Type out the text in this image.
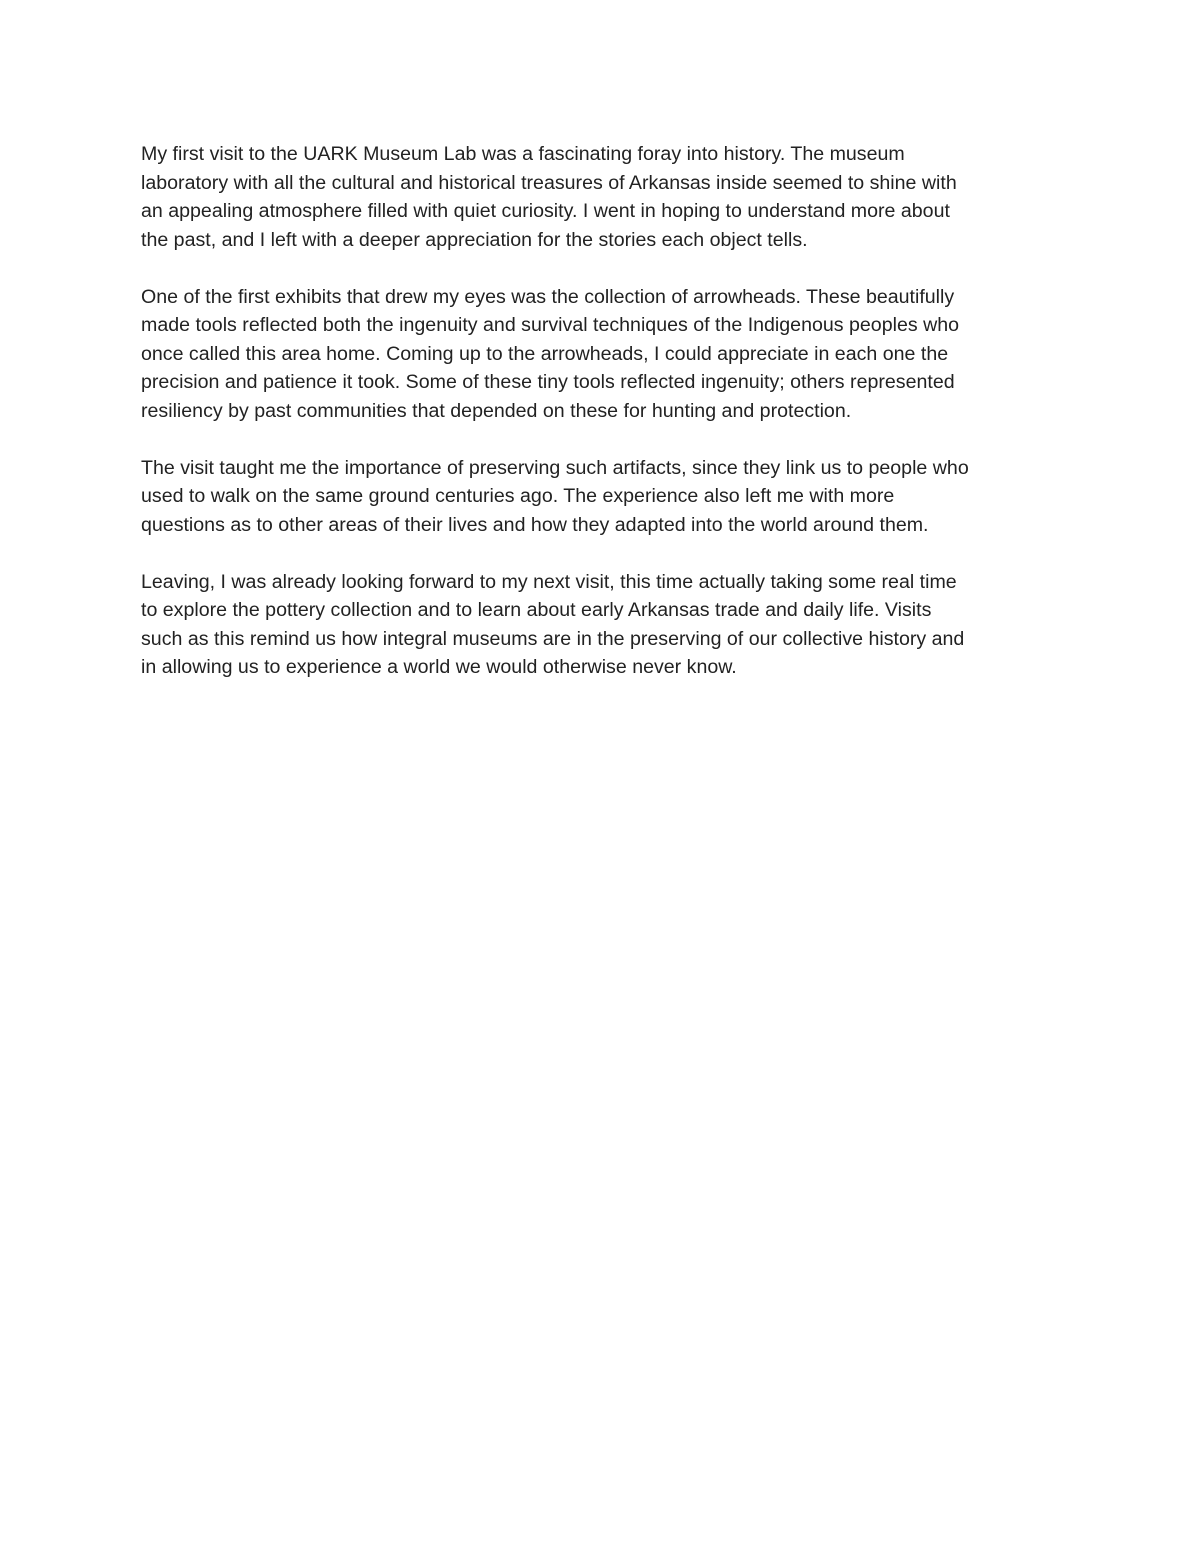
My first visit to the UARK Museum Lab was a fascinating foray into history. The museum
laboratory with all the cultural and historical treasures of Arkansas inside seemed to shine with
an appealing atmosphere filled with quiet curiosity. I went in hoping to understand more about
the past, and I left with a deeper appreciation for the stories each object tells.

One of the first exhibits that drew my eyes was the collection of arrowheads. These beautifully
made tools reflected both the ingenuity and survival techniques of the Indigenous peoples who
once called this area home. Coming up to the arrowheads, I could appreciate in each one the
precision and patience it took. Some of these tiny tools reflected ingenuity; others represented
resiliency by past communities that depended on these for hunting and protection.

The visit taught me the importance of preserving such artifacts, since they link us to people who
used to walk on the same ground centuries ago. The experience also left me with more
questions as to other areas of their lives and how they adapted into the world around them.

Leaving, I was already looking forward to my next visit, this time actually taking some real time
to explore the pottery collection and to learn about early Arkansas trade and daily life. Visits
such as this remind us how integral museums are in the preserving of our collective history and
in allowing us to experience a world we would otherwise never know.
